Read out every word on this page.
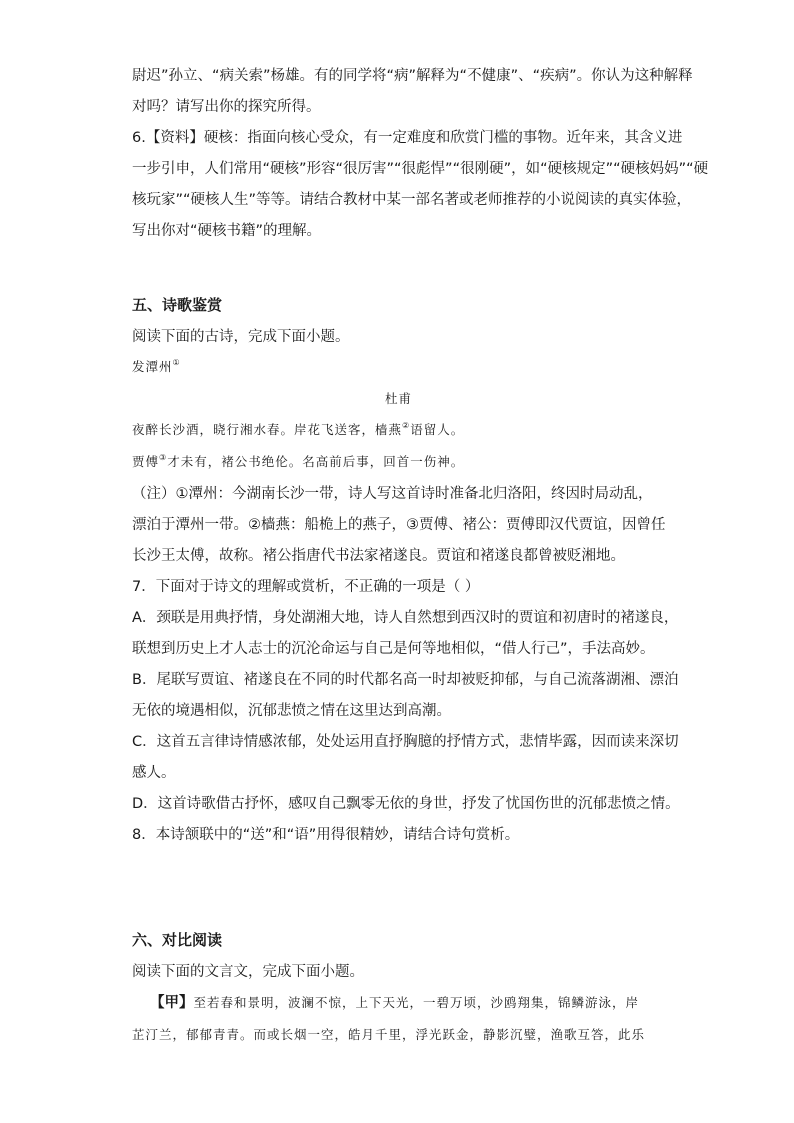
尉迟”孙立、“病关索”杨雄。有的同学将“病”解释为“不健康”、“疾病”。你认为这种解释
对吗？请写出你的探究所得。
6.【资料】硬核：指面向核心受众，有一定难度和欣赏门槛的事物。近年来，其含义进
一步引申，人们常用“硬核”形容“很厉害”“很彪悍”“很刚硬”，如“硬核规定”“硬核妈妈”“硬
核玩家”“硬核人生”等等。请结合教材中某一部名著或老师推荐的小说阅读的真实体验，
写出你对“硬核书籍”的理解。
五、诗歌鉴赏
阅读下面的古诗，完成下面小题。
发潭州①
杜甫
夜醉长沙酒，晓行湘水春。岸花飞送客，樯燕②语留人。
贾傅③才未有，褚公书绝伦。名高前后事，回首一伤神。
（注）①潭州：今湖南长沙一带，诗人写这首诗时准备北归洛阳，终因时局动乱，
漂泊于潭州一带。②樯燕：船桅上的燕子，③贾傅、褚公：贾傅即汉代贾谊，因曾任
长沙王太傅，故称。褚公指唐代书法家褚遂良。贾谊和褚遂良都曾被贬湘地。
7．下面对于诗文的理解或赏析，不正确的一项是（ ）
A．颈联是用典抒情，身处湖湘大地，诗人自然想到西汉时的贾谊和初唐时的褚遂良，
联想到历史上才人志士的沉沦命运与自己是何等地相似，“借人行己”，手法高妙。
B．尾联写贾谊、褚遂良在不同的时代都名高一时却被贬抑郁，与自己流落湖湘、漂泊
无依的境遇相似，沉郁悲愤之情在这里达到高潮。
C．这首五言律诗情感浓郁，处处运用直抒胸臆的抒情方式，悲情毕露，因而读来深切
感人。
D．这首诗歌借古抒怀，感叹自己飘零无依的身世，抒发了忧国伤世的沉郁悲愤之情。
8．本诗颔联中的“送”和“语”用得很精妙，请结合诗句赏析。
六、对比阅读
阅读下面的文言文，完成下面小题。
【甲】至若春和景明，波澜不惊，上下天光，一碧万顷，沙鸥翔集，锦鳞游泳，岸
芷汀兰，郁郁青青。而或长烟一空，皓月千里，浮光跃金，静影沉璧，渔歌互答，此乐
